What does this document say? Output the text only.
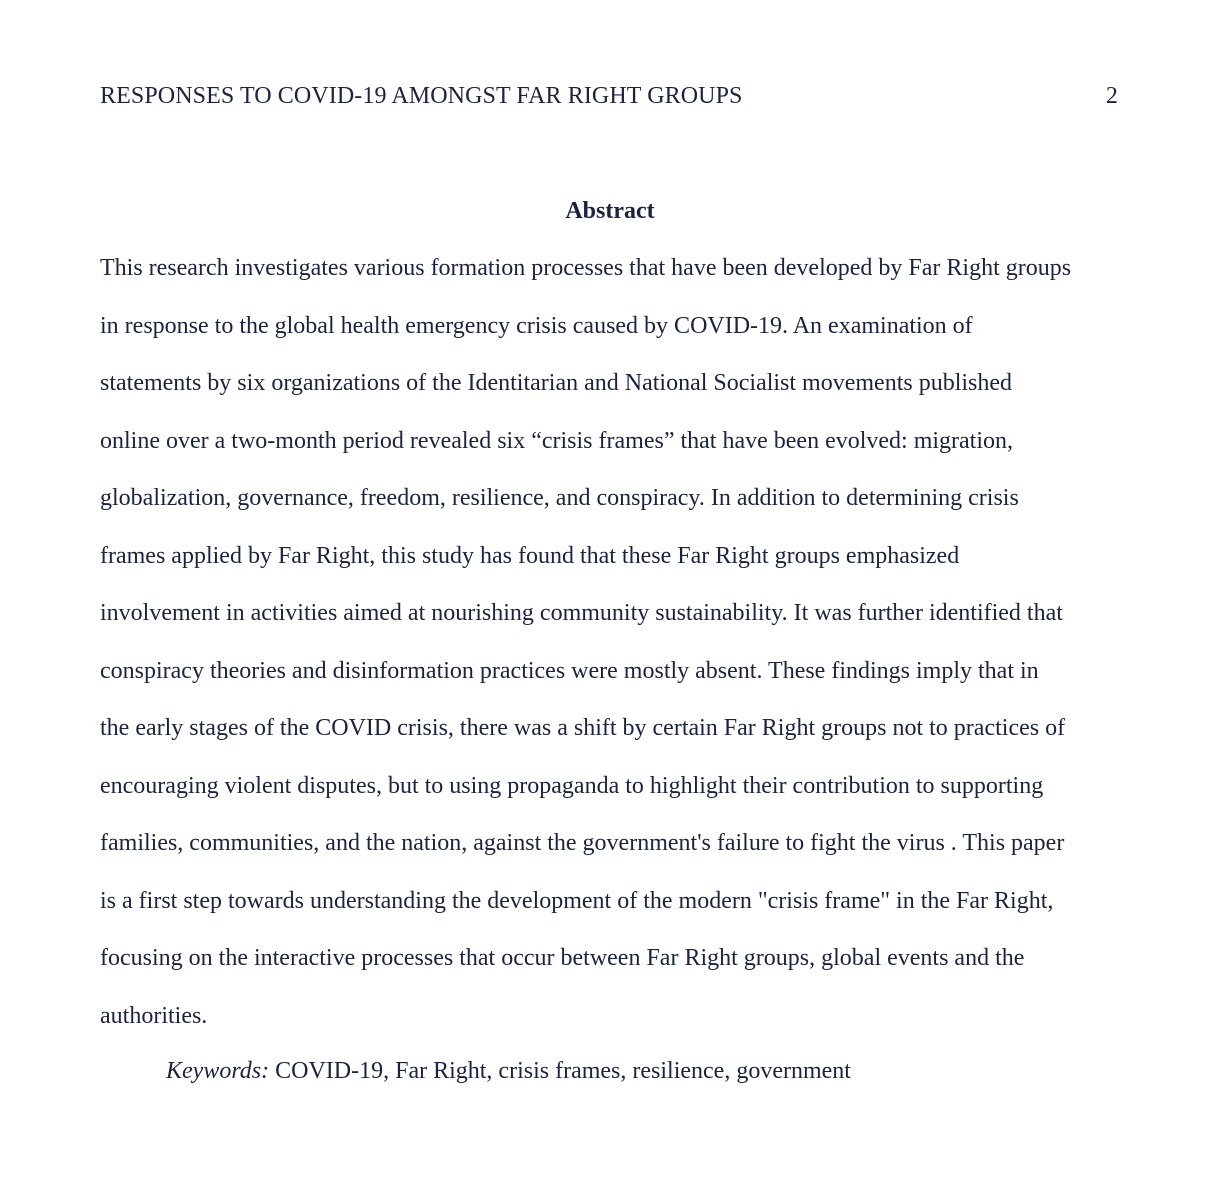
RESPONSES TO COVID-19 AMONGST FAR RIGHT GROUPS	2
Abstract
This research investigates various formation processes that have been developed by Far Right groups
in response to the global health emergency crisis caused by COVID-19. An examination of
statements by six organizations of the Identitarian and National Socialist movements published
online over a two-month period revealed six “crisis frames” that have been evolved: migration,
globalization, governance, freedom, resilience, and conspiracy. In addition to determining crisis
frames applied by Far Right, this study has found that these Far Right groups emphasized
involvement in activities aimed at nourishing community sustainability. It was further identified that
conspiracy theories and disinformation practices were mostly absent. These findings imply that in
the early stages of the COVID crisis, there was a shift by certain Far Right groups not to practices of
encouraging violent disputes, but to using propaganda to highlight their contribution to supporting
families, communities, and the nation, against the government's failure to fight the virus . This paper
is a first step towards understanding the development of the modern "crisis frame" in the Far Right,
focusing on the interactive processes that occur between Far Right groups, global events and the
authorities.
Keywords: COVID-19, Far Right, crisis frames, resilience, government
